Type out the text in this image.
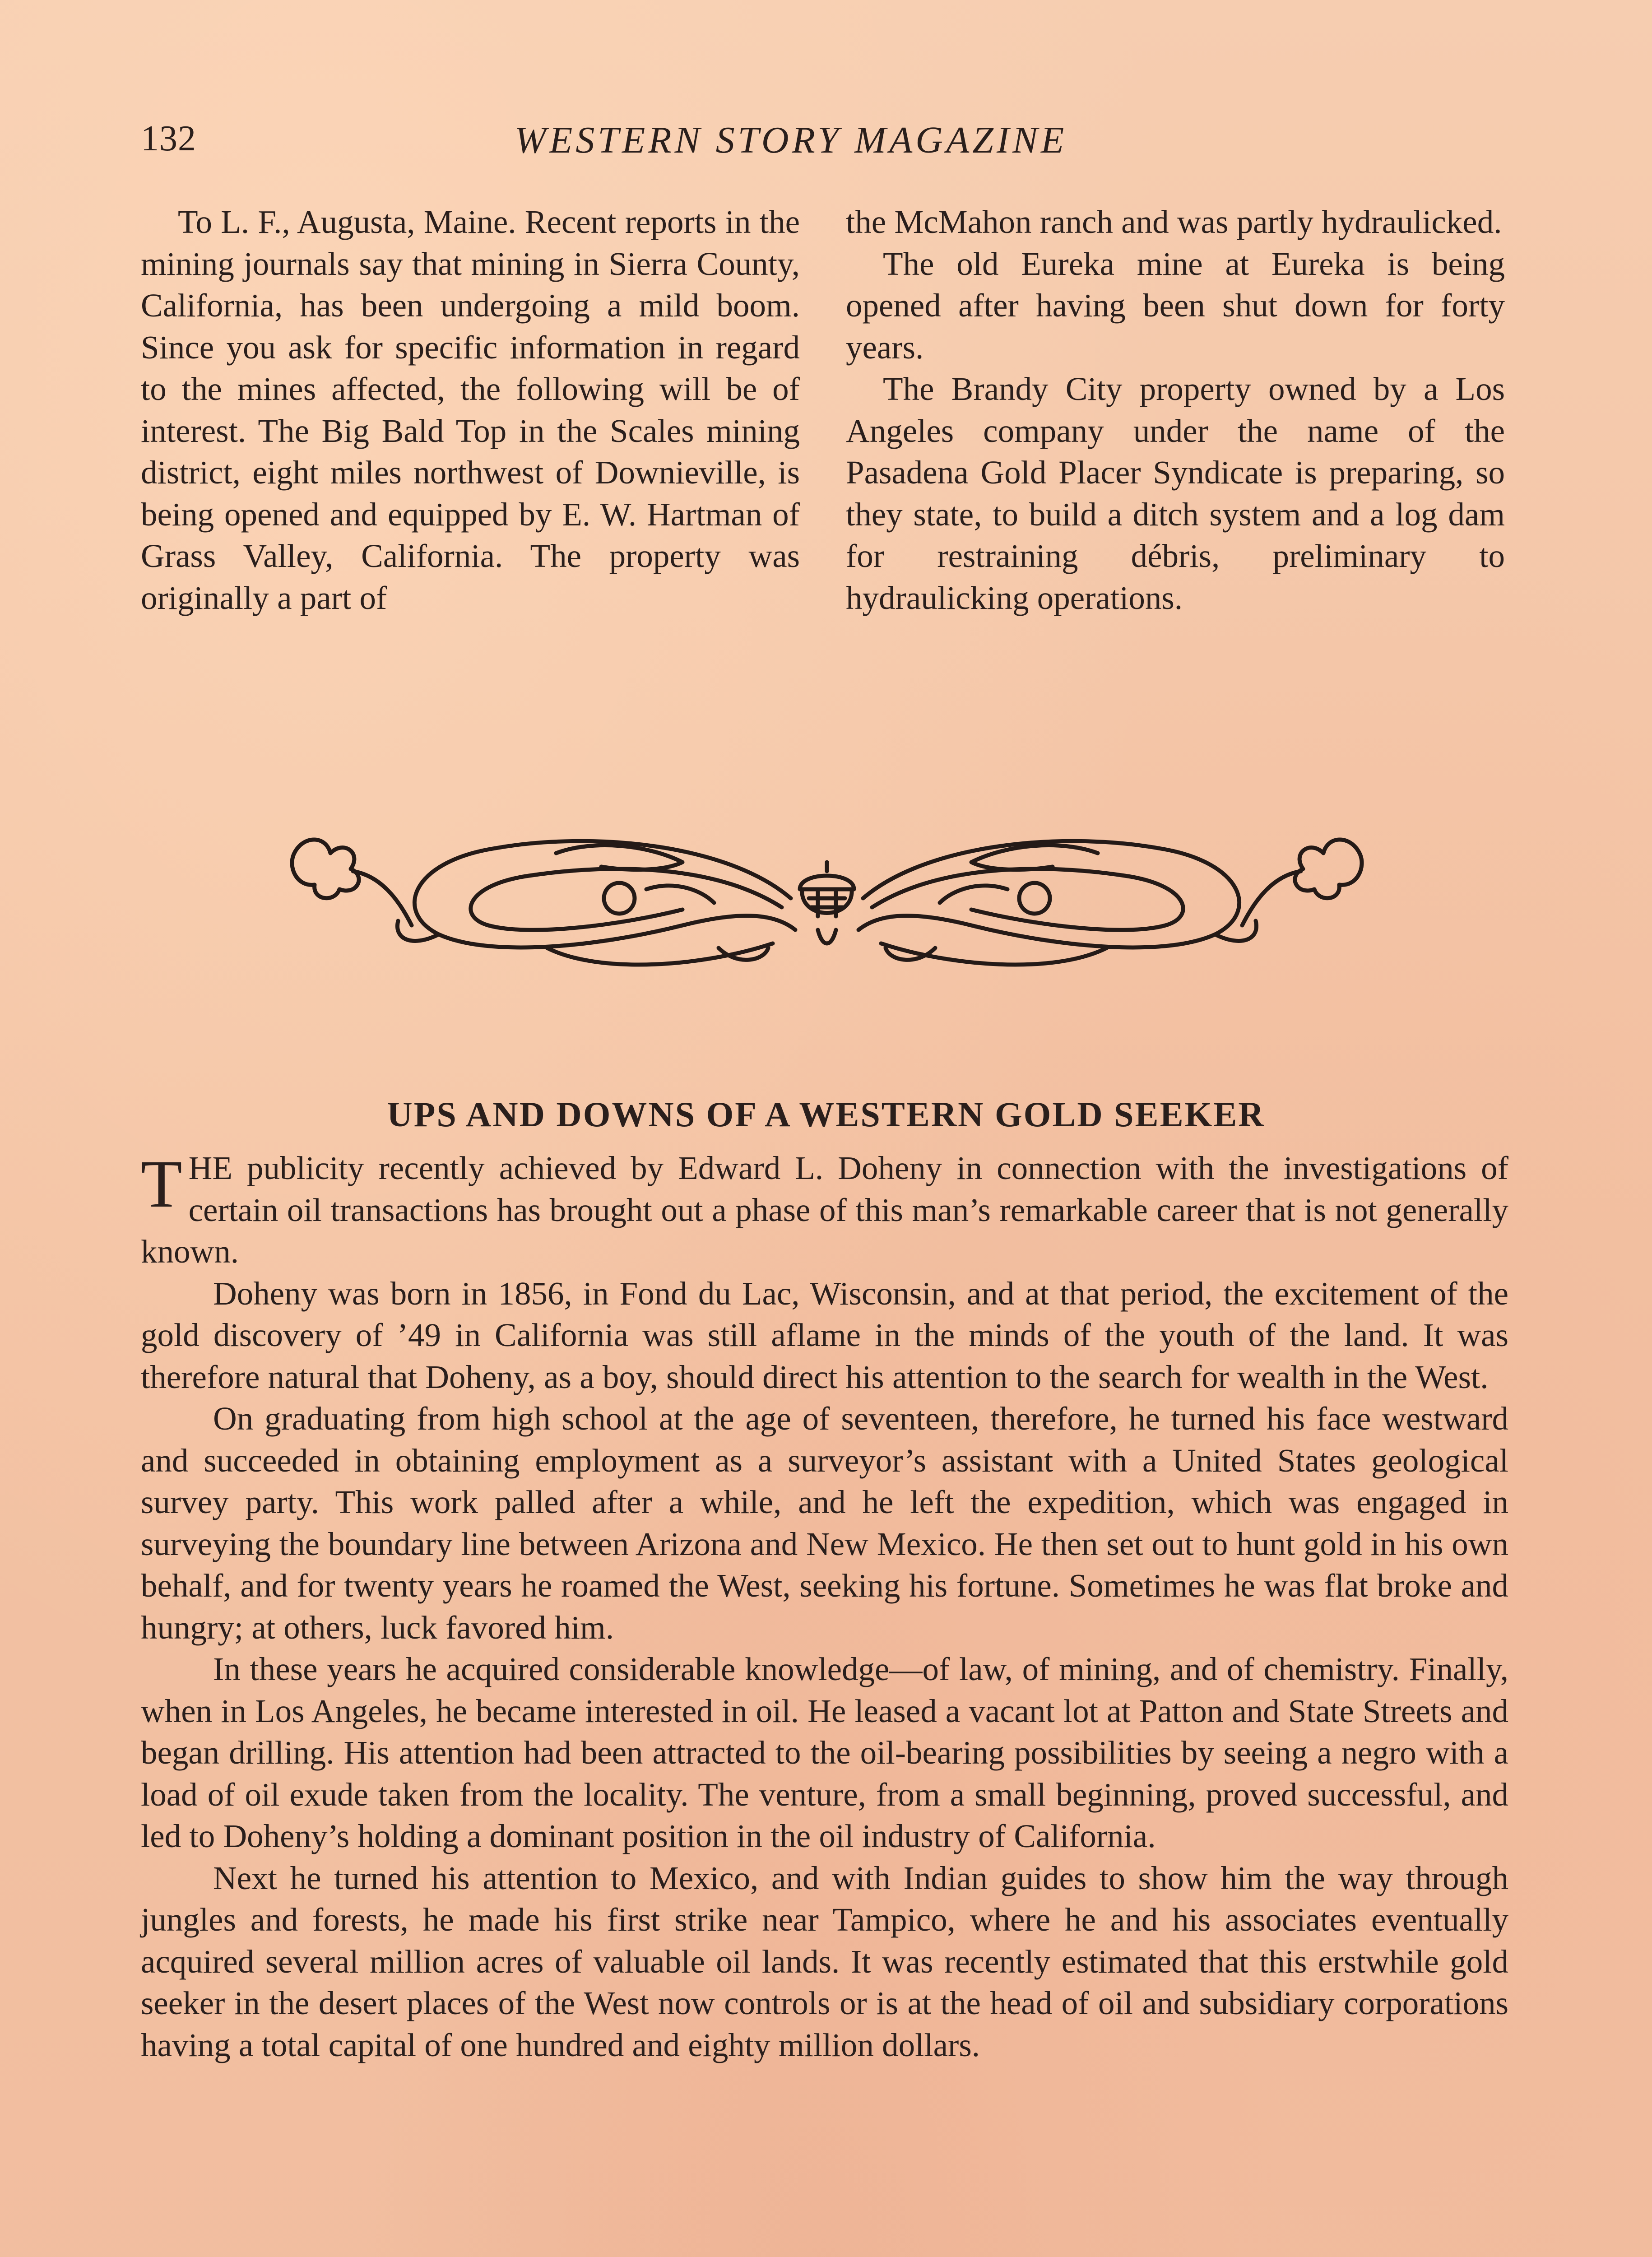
132	WESTERN STORY MAGAZINE

To L. F., Augusta, Maine. Recent reports in the mining journals say that mining in Sierra County, California, has been undergoing a mild boom. Since you ask for specific information in regard to the mines affected, the following will be of interest. The Big Bald Top in the Scales mining district, eight miles northwest of Downieville, is being opened and equipped by E. W. Hartman of Grass Valley, California. The property was originally a part of

the McMahon ranch and was partly hydraulicked.

The old Eureka mine at Eureka is being opened after having been shut down for forty years.

The Brandy City property owned by a Los Angeles company under the name of the Pasadena Gold Placer Syndicate is preparing, so they state, to build a ditch system and a log dam for restraining débris, preliminary to hydraulicking operations.

UPS AND DOWNS OF A WESTERN GOLD SEEKER

THE publicity recently achieved by Edward L. Doheny in connection with the investigations of certain oil transactions has brought out a phase of this man’s remarkable career that is not generally known.

Doheny was born in 1856, in Fond du Lac, Wisconsin, and at that period, the excitement of the gold discovery of ’49 in California was still aflame in the minds of the youth of the land. It was therefore natural that Doheny, as a boy, should direct his attention to the search for wealth in the West.

On graduating from high school at the age of seventeen, therefore, he turned his face westward and succeeded in obtaining employment as a surveyor’s assistant with a United States geological survey party. This work palled after a while, and he left the expedition, which was engaged in surveying the boundary line between Arizona and New Mexico. He then set out to hunt gold in his own behalf, and for twenty years he roamed the West, seeking his fortune. Sometimes he was flat broke and hungry; at others, luck favored him.

In these years he acquired considerable knowledge—of law, of mining, and of chemistry. Finally, when in Los Angeles, he became interested in oil. He leased a vacant lot at Patton and State Streets and began drilling. His attention had been attracted to the oil-bearing possibilities by seeing a negro with a load of oil exude taken from the locality. The venture, from a small beginning, proved successful, and led to Doheny’s holding a dominant position in the oil industry of California.

Next he turned his attention to Mexico, and with Indian guides to show him the way through jungles and forests, he made his first strike near Tampico, where he and his associates eventually acquired several million acres of valuable oil lands. It was recently estimated that this erstwhile gold seeker in the desert places of the West now controls or is at the head of oil and subsidiary corporations having a total capital of one hundred and eighty million dollars.
